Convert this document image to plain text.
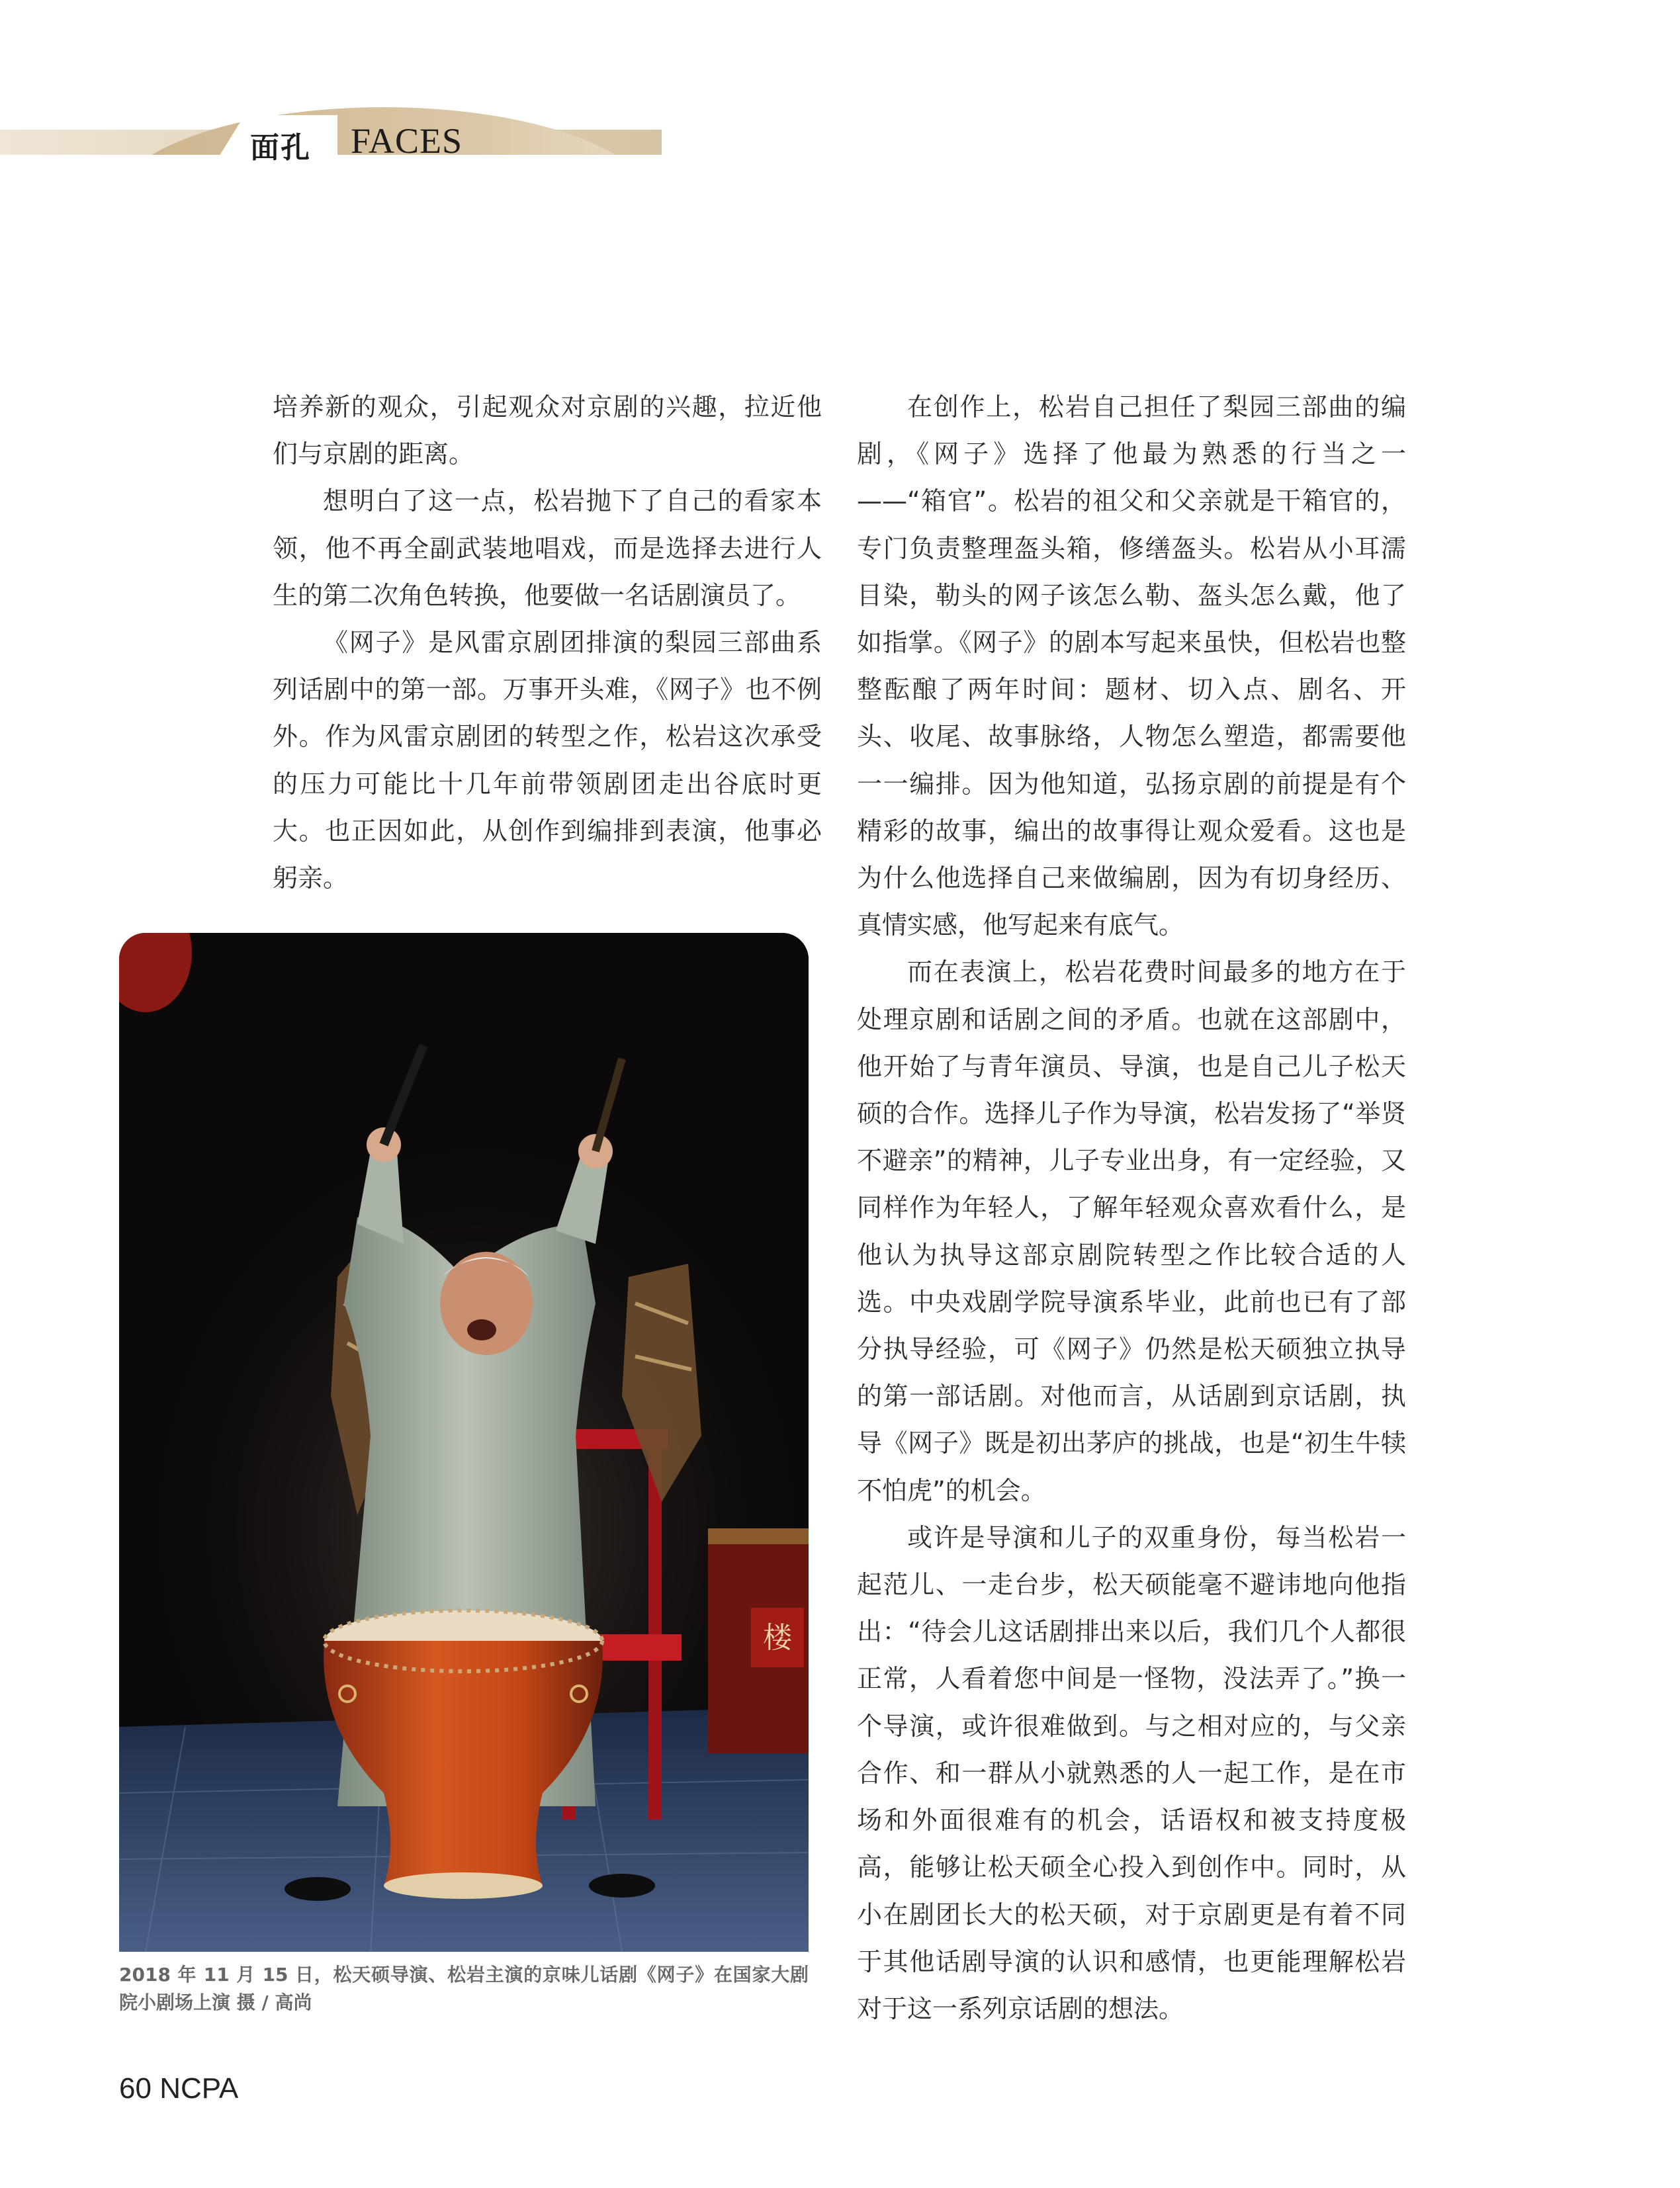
面孔 FACES

培养新的观众，引起观众对京剧的兴趣，拉近他们与京剧的距离。

想明白了这一点，松岩抛下了自己的看家本领，他不再全副武装地唱戏，而是选择去进行人生的第二次角色转换，他要做一名话剧演员了。

《网子》是风雷京剧团排演的梨园三部曲系列话剧中的第一部。万事开头难，《网子》也不例外。作为风雷京剧团的转型之作，松岩这次承受的压力可能比十几年前带领剧团走出谷底时更大。也正因如此，从创作到编排到表演，他事必躬亲。

在创作上，松岩自己担任了梨园三部曲的编剧，《网子》选择了他最为熟悉的行当之一——“箱官”。松岩的祖父和父亲就是干箱官的，专门负责整理盔头箱，修缮盔头。松岩从小耳濡目染，勒头的网子该怎么勒、盔头怎么戴，他了如指掌。《网子》的剧本写起来虽快，但松岩也整整酝酿了两年时间：题材、切入点、剧名、开头、收尾、故事脉络，人物怎么塑造，都需要他一一编排。因为他知道，弘扬京剧的前提是有个精彩的故事，编出的故事得让观众爱看。这也是为什么他选择自己来做编剧，因为有切身经历、真情实感，他写起来有底气。

而在表演上，松岩花费时间最多的地方在于处理京剧和话剧之间的矛盾。也就在这部剧中，他开始了与青年演员、导演，也是自己儿子松天硕的合作。选择儿子作为导演，松岩发扬了“举贤不避亲”的精神，儿子专业出身，有一定经验，又同样作为年轻人，了解年轻观众喜欢看什么，是他认为执导这部京剧院转型之作比较合适的人选。中央戏剧学院导演系毕业，此前也已有了部分执导经验，可《网子》仍然是松天硕独立执导的第一部话剧。对他而言，从话剧到京话剧，执导《网子》既是初出茅庐的挑战，也是“初生牛犊不怕虎”的机会。

或许是导演和儿子的双重身份，每当松岩一起范儿、一走台步，松天硕能毫不避讳地向他指出：“待会儿这话剧排出来以后，我们几个人都很正常，人看着您中间是一怪物，没法弄了。”换一个导演，或许很难做到。与之相对应的，与父亲合作、和一群从小就熟悉的人一起工作，是在市场和外面很难有的机会，话语权和被支持度极高，能够让松天硕全心投入到创作中。同时，从小在剧团长大的松天硕，对于京剧更是有着不同于其他话剧导演的认识和感情，也更能理解松岩对于这一系列京话剧的想法。

楼
2018 年 11 月 15 日，松天硕导演、松岩主演的京味儿话剧《网子》在国家大剧院小剧场上演 摄 / 高尚
60 NCPA
